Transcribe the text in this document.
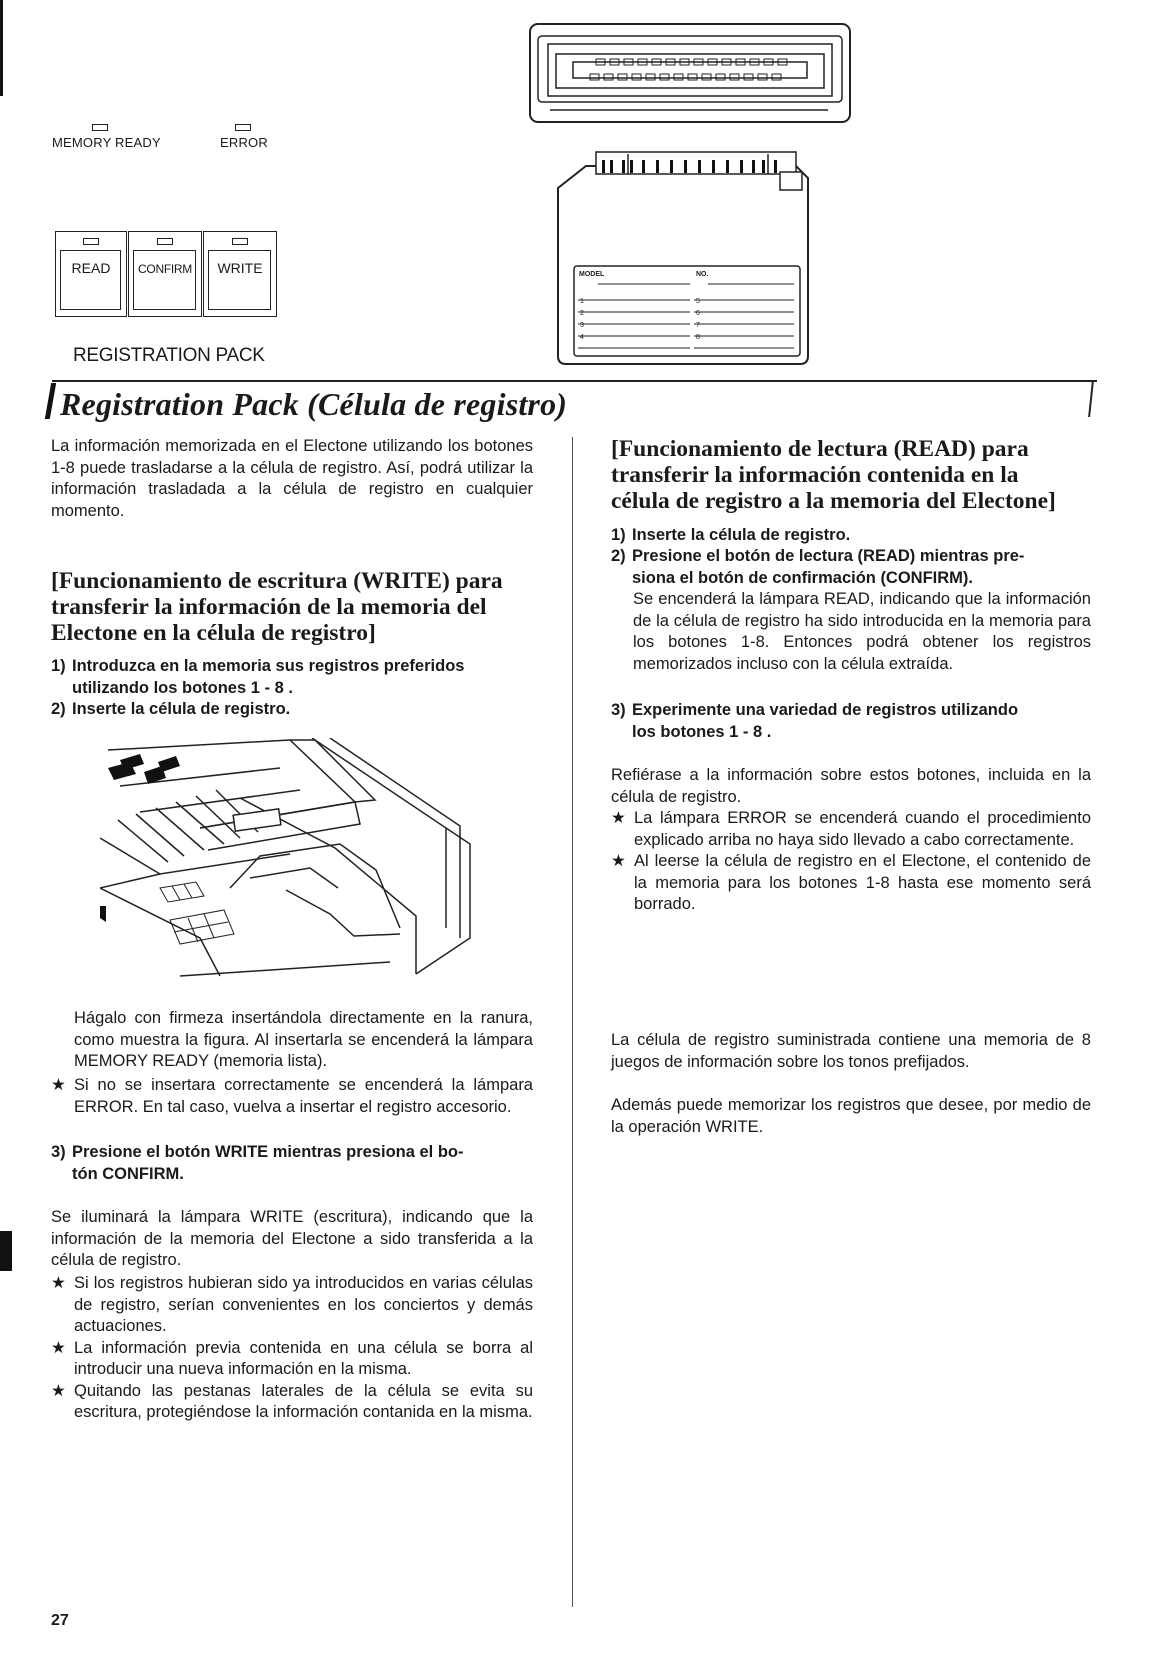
MEMORY READY	ERROR
READ	CONFIRM	WRITE
REGISTRATION PACK
MODEL	NO.
1
2
3
4
5
6
7
8
Registration Pack (Célula de registro)
La información memorizada en el Electone utilizando los botones 1-8 puede trasladarse a la célula de registro. Así, podrá utilizar la información trasladada a la célula de registro en cualquier momento.
[Funcionamiento de escritura (WRITE) para transferir la información de la memoria del Electone en la célula de registro]
1) Introduzca en la memoria sus registros preferidos
utilizando los botones 1 - 8 .
2) Inserte la célula de registro.
Hágalo con firmeza insertándola directamente en la ranura, como muestra la figura. Al insertarla se encenderá la lámpara MEMORY READY (memoria lista).
★ Si no se insertara correctamente se encenderá la lámpara ERROR. En tal caso, vuelva a insertar el registro accesorio.
3) Presione el botón WRITE mientras presiona el bo-
tón CONFIRM.
Se iluminará la lámpara WRITE (escritura), indicando que la información de la memoria del Electone a sido transferida a la célula de registro.
★ Si los registros hubieran sido ya introducidos en varias células de registro, serían convenientes en los conciertos y demás actuaciones.
★ La información previa contenida en una célula se borra al introducir una nueva información en la misma.
★ Quitando las pestanas laterales de la célula se evita su escritura, protegiéndose la información contanida en la misma.
[Funcionamiento de lectura (READ) para transferir la información contenida en la célula de registro a la memoria del Electone]
1) Inserte la célula de registro.
2) Presione el botón de lectura (READ) mientras pre-
siona el botón de confirmación (CONFIRM).
Se encenderá la lámpara READ, indicando que la información de la célula de registro ha sido introducida en la memoria para los botones 1-8. Entonces podrá obtener los registros memorizados incluso con la célula extraída.
3) Experimente una variedad de registros utilizando
los botones 1 - 8 .
Refiérase a la información sobre estos botones, incluida en la célula de registro.
★ La lámpara ERROR se encenderá cuando el procedimiento explicado arriba no haya sido llevado a cabo correctamente.
★ Al leerse la célula de registro en el Electone, el contenido de la memoria para los botones 1-8 hasta ese momento será borrado.
La célula de registro suministrada contiene una memoria de 8 juegos de información sobre los tonos prefijados.
Además puede memorizar los registros que desee, por medio de la operación WRITE.
27
